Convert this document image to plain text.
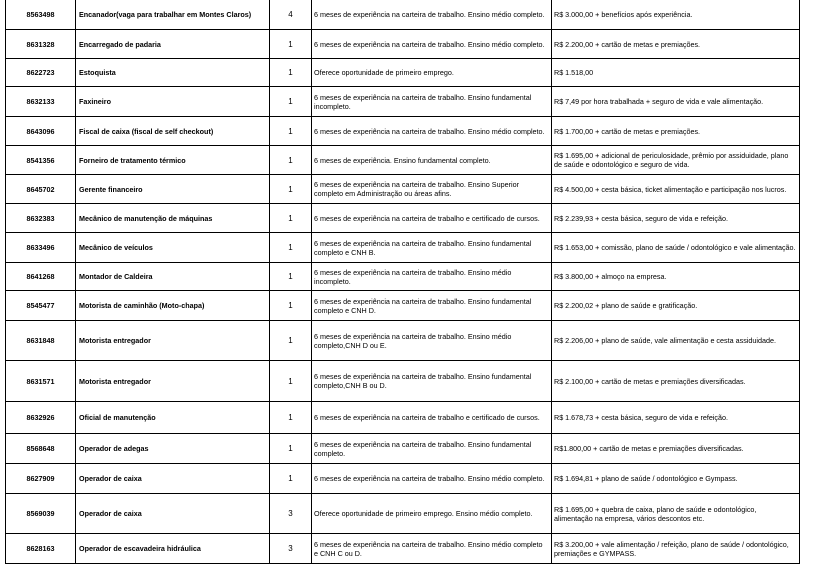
8563498	Encanador(vaga para trabalhar em Montes Claros)	4	6 meses de experiência na carteira de trabalho. Ensino médio completo.	R$ 3.000,00 + benefícios após experiência.
8631328	Encarregado de padaria	1	6 meses de experiência na carteira de trabalho. Ensino médio completo.	R$ 2.200,00 + cartão de metas e premiações.
8622723	Estoquista	1	Oferece oportunidade de primeiro emprego.	R$ 1.518,00
8632133	Faxineiro	1	6 meses de experiência na carteira de trabalho. Ensino fundamental incompleto.	R$ 7,49 por hora trabalhada + seguro de vida e vale alimentação.
8643096	Fiscal de caixa (fiscal de self checkout)	1	6 meses de experiência na carteira de trabalho. Ensino médio completo.	R$ 1.700,00 + cartão de metas e premiações.
8541356	Forneiro de tratamento térmico	1	6 meses de experiência. Ensino fundamental completo.	R$ 1.695,00 + adicional de periculosidade, prêmio por assiduidade, plano de saúde e odontológico e seguro de vida.
8645702	Gerente financeiro	1	6 meses de experiência na carteira de trabalho. Ensino Superior completo em Administração ou áreas afins.	R$ 4.500,00 + cesta básica, ticket alimentação e participação nos lucros.
8632383	Mecânico de manutenção de máquinas	1	6 meses de experiência na carteira de trabalho e certificado de cursos.	R$ 2.239,93 + cesta básica, seguro de vida e refeição.
8633496	Mecânico de veículos	1	6 meses de experiência na carteira de trabalho. Ensino fundamental completo e CNH B.	R$ 1.653,00 + comissão, plano de saúde / odontológico e vale alimentação.
8641268	Montador de Caldeira	1	6 meses de experiência na carteira de trabalho. Ensino médio incompleto.	R$ 3.800,00 + almoço na empresa.
8545477	Motorista de caminhão (Moto-chapa)	1	6 meses de experiência na carteira de trabalho. Ensino fundamental completo e CNH D.	R$ 2.200,02 + plano de saúde e gratificação.
8631848	Motorista entregador	1	6 meses de experiência na carteira de trabalho. Ensino médio completo,CNH D ou E.	R$ 2.206,00 + plano de saúde, vale alimentação e cesta assiduidade.
8631571	Motorista entregador	1	6 meses de experiência na carteira de trabalho. Ensino fundamental completo,CNH B ou D.	R$ 2.100,00 + cartão de metas e premiações diversificadas.
8632926	Oficial de manutenção	1	6 meses de experiência na carteira de trabalho e certificado de cursos.	R$ 1.678,73 + cesta básica, seguro de vida e refeição.
8568648	Operador de adegas	1	6 meses de experiência na carteira de trabalho. Ensino fundamental completo.	R$1.800,00 + cartão de metas e premiações diversificadas.
8627909	Operador de caixa	1	6 meses de experiência na carteira de trabalho. Ensino médio completo.	R$ 1.694,81 + plano de saúde / odontológico e Gympass.
8569039	Operador de caixa	3	Oferece oportunidade de primeiro emprego. Ensino médio completo.	R$ 1.695,00 + quebra de caixa, plano de saúde e odontológico, alimentação na empresa, vários descontos etc.
8628163	Operador de escavadeira hidráulica	3	6 meses de experiência na carteira de trabalho. Ensino médio completo e CNH C ou D.	R$ 3.200,00 + vale alimentação / refeição, plano de saúde / odontológico, premiações e GYMPASS.
